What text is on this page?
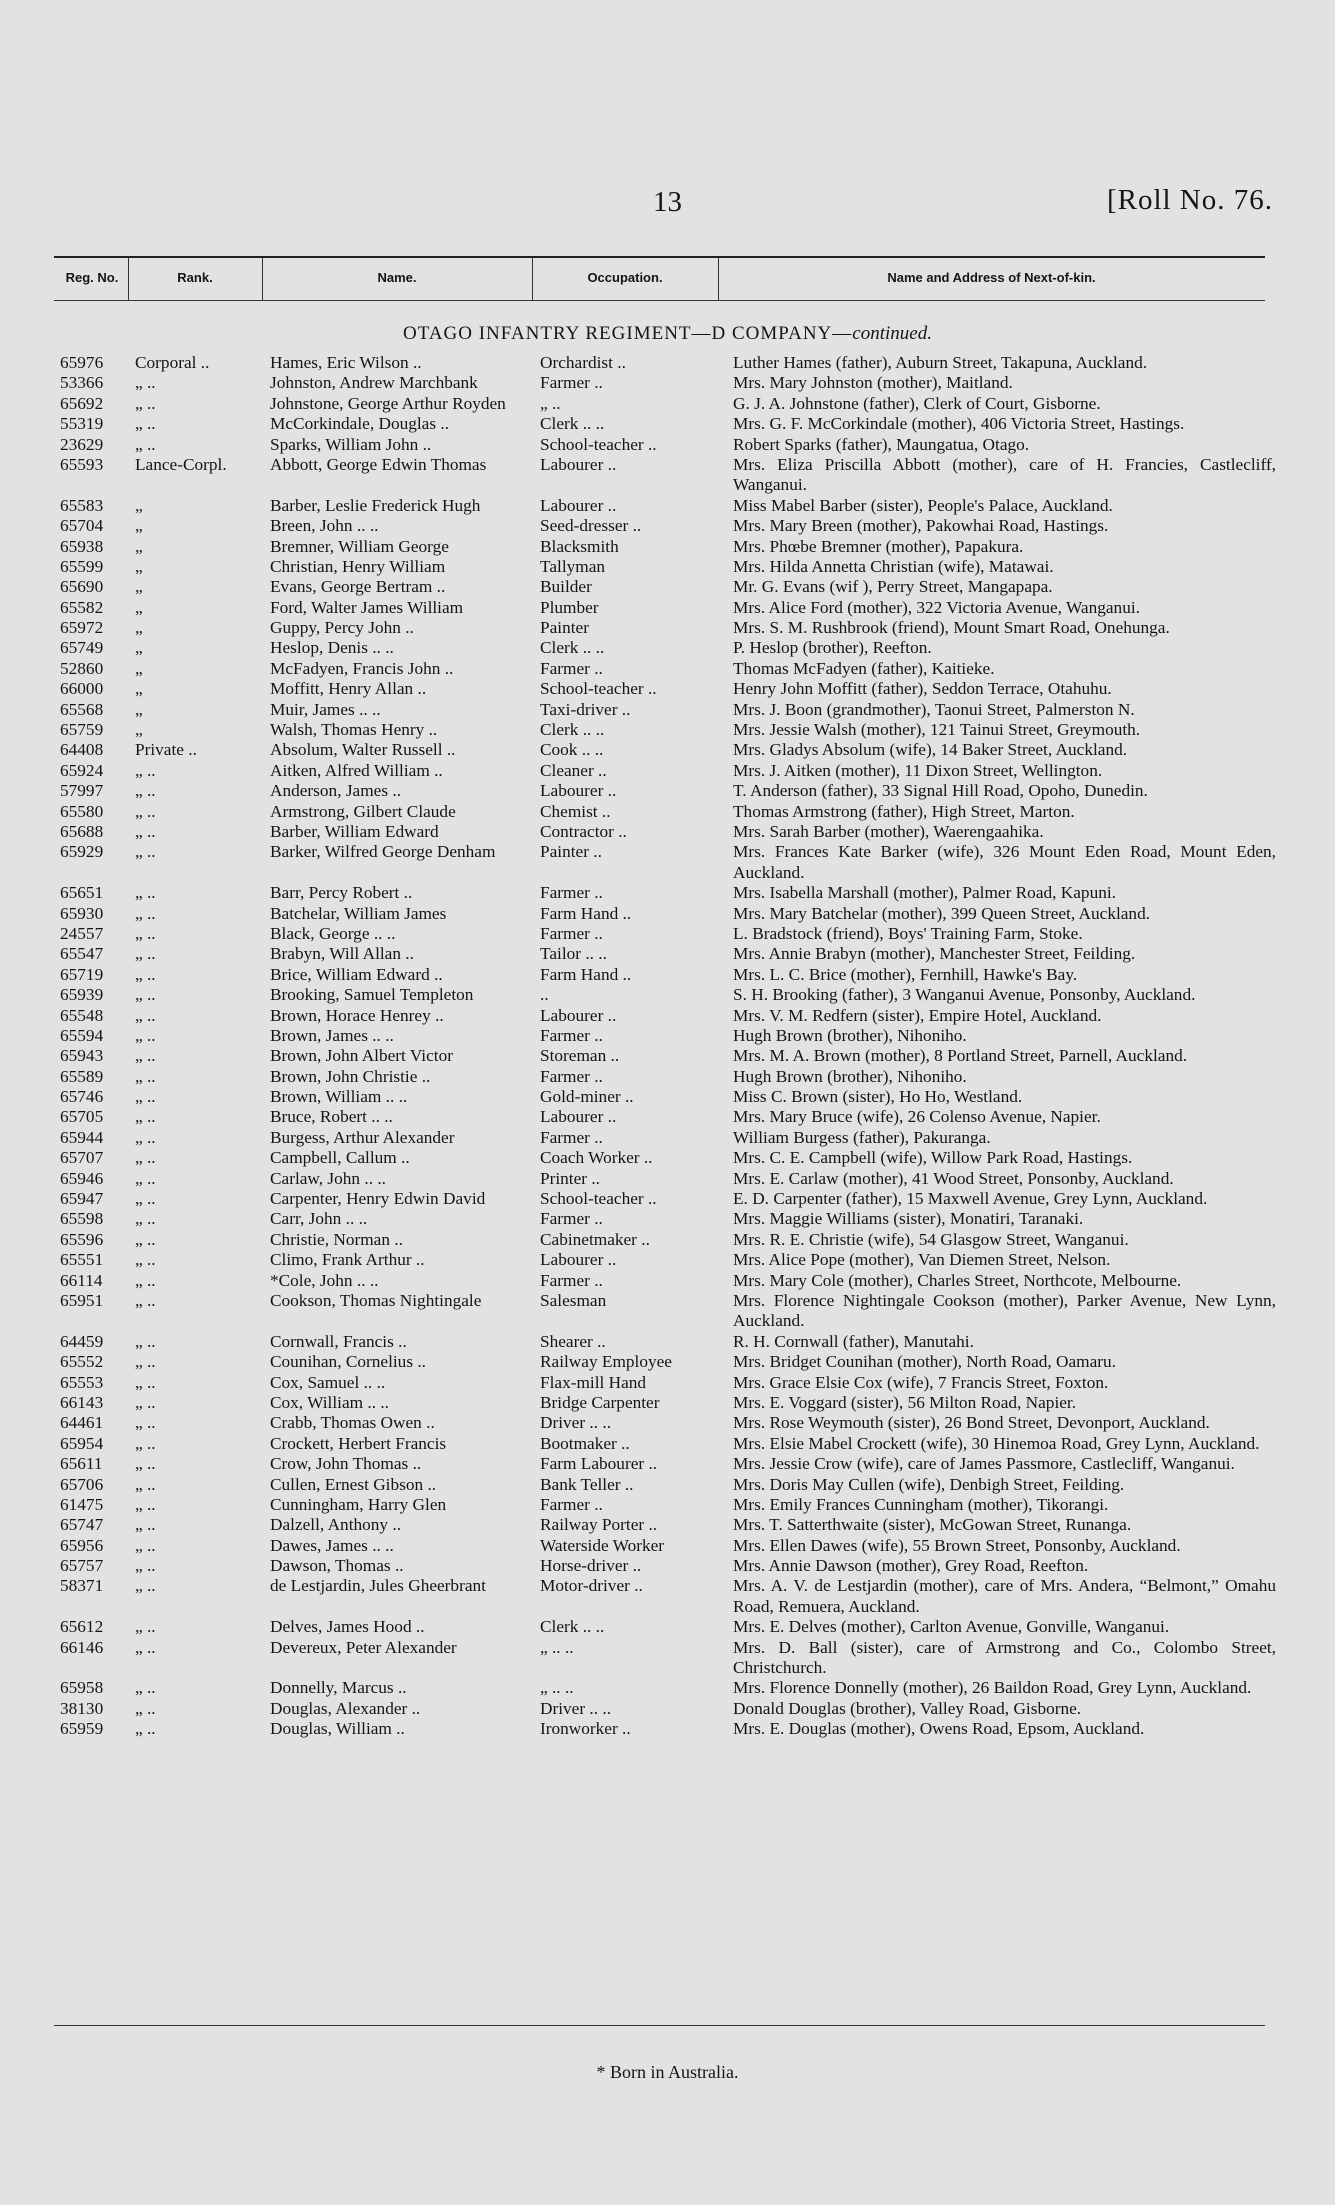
13	[Roll No. 76.
Reg. No.	Rank.	Name.	Occupation.	Name and Address of Next-of-kin.
OTAGO INFANTRY REGIMENT—D COMPANY—continued.
65976	Corporal ..	Hames, Eric Wilson ..	Orchardist ..	Luther Hames (father), Auburn Street, Takapuna, Auckland.
53366	„ ..	Johnston, Andrew Marchbank	Farmer ..	Mrs. Mary Johnston (mother), Maitland.
65692	„ ..	Johnstone, George Arthur Royden	„ ..	G. J. A. Johnstone (father), Clerk of Court, Gisborne.
55319	„ ..	McCorkindale, Douglas ..	Clerk .. ..	Mrs. G. F. McCorkindale (mother), 406 Victoria Street, Hastings.
23629	„ ..	Sparks, William John ..	School-teacher ..	Robert Sparks (father), Maungatua, Otago.
65593	Lance-Corpl.	Abbott, George Edwin Thomas	Labourer ..	Mrs. Eliza Priscilla Abbott (mother), care of H. Francies, Castlecliff, Wanganui.
65583	„	Barber, Leslie Frederick Hugh	Labourer ..	Miss Mabel Barber (sister), People's Palace, Auckland.
65704	„	Breen, John .. ..	Seed-dresser ..	Mrs. Mary Breen (mother), Pakowhai Road, Hastings.
65938	„	Bremner, William George	Blacksmith	Mrs. Phœbe Bremner (mother), Papakura.
65599	„	Christian, Henry William	Tallyman	Mrs. Hilda Annetta Christian (wife), Matawai.
65690	„	Evans, George Bertram ..	Builder	Mr. G. Evans (wif ), Perry Street, Mangapapa.
65582	„	Ford, Walter James William	Plumber	Mrs. Alice Ford (mother), 322 Victoria Avenue, Wanganui.
65972	„	Guppy, Percy John ..	Painter	Mrs. S. M. Rushbrook (friend), Mount Smart Road, Onehunga.
65749	„	Heslop, Denis .. ..	Clerk .. ..	P. Heslop (brother), Reefton.
52860	„	McFadyen, Francis John ..	Farmer ..	Thomas McFadyen (father), Kaitieke.
66000	„	Moffitt, Henry Allan ..	School-teacher ..	Henry John Moffitt (father), Seddon Terrace, Otahuhu.
65568	„	Muir, James .. ..	Taxi-driver ..	Mrs. J. Boon (grandmother), Taonui Street, Palmerston N.
65759	„	Walsh, Thomas Henry ..	Clerk .. ..	Mrs. Jessie Walsh (mother), 121 Tainui Street, Greymouth.
64408	Private ..	Absolum, Walter Russell ..	Cook .. ..	Mrs. Gladys Absolum (wife), 14 Baker Street, Auckland.
65924	„ ..	Aitken, Alfred William ..	Cleaner ..	Mrs. J. Aitken (mother), 11 Dixon Street, Wellington.
57997	„ ..	Anderson, James ..	Labourer ..	T. Anderson (father), 33 Signal Hill Road, Opoho, Dunedin.
65580	„ ..	Armstrong, Gilbert Claude	Chemist ..	Thomas Armstrong (father), High Street, Marton.
65688	„ ..	Barber, William Edward	Contractor ..	Mrs. Sarah Barber (mother), Waerengaahika.
65929	„ ..	Barker, Wilfred George Denham	Painter ..	Mrs. Frances Kate Barker (wife), 326 Mount Eden Road, Mount Eden, Auckland.
65651	„ ..	Barr, Percy Robert ..	Farmer ..	Mrs. Isabella Marshall (mother), Palmer Road, Kapuni.
65930	„ ..	Batchelar, William James	Farm Hand ..	Mrs. Mary Batchelar (mother), 399 Queen Street, Auckland.
24557	„ ..	Black, George .. ..	Farmer ..	L. Bradstock (friend), Boys' Training Farm, Stoke.
65547	„ ..	Brabyn, Will Allan ..	Tailor .. ..	Mrs. Annie Brabyn (mother), Manchester Street, Feilding.
65719	„ ..	Brice, William Edward ..	Farm Hand ..	Mrs. L. C. Brice (mother), Fernhill, Hawke's Bay.
65939	„ ..	Brooking, Samuel Templeton	..	S. H. Brooking (father), 3 Wanganui Avenue, Ponsonby, Auckland.
65548	„ ..	Brown, Horace Henrey ..	Labourer ..	Mrs. V. M. Redfern (sister), Empire Hotel, Auckland.
65594	„ ..	Brown, James .. ..	Farmer ..	Hugh Brown (brother), Nihoniho.
65943	„ ..	Brown, John Albert Victor	Storeman ..	Mrs. M. A. Brown (mother), 8 Portland Street, Parnell, Auckland.
65589	„ ..	Brown, John Christie ..	Farmer ..	Hugh Brown (brother), Nihoniho.
65746	„ ..	Brown, William .. ..	Gold-miner ..	Miss C. Brown (sister), Ho Ho, Westland.
65705	„ ..	Bruce, Robert .. ..	Labourer ..	Mrs. Mary Bruce (wife), 26 Colenso Avenue, Napier.
65944	„ ..	Burgess, Arthur Alexander	Farmer ..	William Burgess (father), Pakuranga.
65707	„ ..	Campbell, Callum ..	Coach Worker ..	Mrs. C. E. Campbell (wife), Willow Park Road, Hastings.
65946	„ ..	Carlaw, John .. ..	Printer ..	Mrs. E. Carlaw (mother), 41 Wood Street, Ponsonby, Auckland.
65947	„ ..	Carpenter, Henry Edwin David	School-teacher ..	E. D. Carpenter (father), 15 Maxwell Avenue, Grey Lynn, Auckland.
65598	„ ..	Carr, John .. ..	Farmer ..	Mrs. Maggie Williams (sister), Monatiri, Taranaki.
65596	„ ..	Christie, Norman ..	Cabinetmaker ..	Mrs. R. E. Christie (wife), 54 Glasgow Street, Wanganui.
65551	„ ..	Climo, Frank Arthur ..	Labourer ..	Mrs. Alice Pope (mother), Van Diemen Street, Nelson.
66114	„ ..	*Cole, John .. ..	Farmer ..	Mrs. Mary Cole (mother), Charles Street, Northcote, Melbourne.
65951	„ ..	Cookson, Thomas Nightingale	Salesman	Mrs. Florence Nightingale Cookson (mother), Parker Avenue, New Lynn, Auckland.
64459	„ ..	Cornwall, Francis ..	Shearer ..	R. H. Cornwall (father), Manutahi.
65552	„ ..	Counihan, Cornelius ..	Railway Employee	Mrs. Bridget Counihan (mother), North Road, Oamaru.
65553	„ ..	Cox, Samuel .. ..	Flax-mill Hand	Mrs. Grace Elsie Cox (wife), 7 Francis Street, Foxton.
66143	„ ..	Cox, William .. ..	Bridge Carpenter	Mrs. E. Voggard (sister), 56 Milton Road, Napier.
64461	„ ..	Crabb, Thomas Owen ..	Driver .. ..	Mrs. Rose Weymouth (sister), 26 Bond Street, Devonport, Auckland.
65954	„ ..	Crockett, Herbert Francis	Bootmaker ..	Mrs. Elsie Mabel Crockett (wife), 30 Hinemoa Road, Grey Lynn, Auckland.
65611	„ ..	Crow, John Thomas ..	Farm Labourer ..	Mrs. Jessie Crow (wife), care of James Passmore, Castlecliff, Wanganui.
65706	„ ..	Cullen, Ernest Gibson ..	Bank Teller ..	Mrs. Doris May Cullen (wife), Denbigh Street, Feilding.
61475	„ ..	Cunningham, Harry Glen	Farmer ..	Mrs. Emily Frances Cunningham (mother), Tikorangi.
65747	„ ..	Dalzell, Anthony ..	Railway Porter ..	Mrs. T. Satterthwaite (sister), McGowan Street, Runanga.
65956	„ ..	Dawes, James .. ..	Waterside Worker	Mrs. Ellen Dawes (wife), 55 Brown Street, Ponsonby, Auckland.
65757	„ ..	Dawson, Thomas ..	Horse-driver ..	Mrs. Annie Dawson (mother), Grey Road, Reefton.
58371	„ ..	de Lestjardin, Jules Gheerbrant	Motor-driver ..	Mrs. A. V. de Lestjardin (mother), care of Mrs. Andera, “Belmont,” Omahu Road, Remuera, Auckland.
65612	„ ..	Delves, James Hood ..	Clerk .. ..	Mrs. E. Delves (mother), Carlton Avenue, Gonville, Wanganui.
66146	„ ..	Devereux, Peter Alexander	„ .. ..	Mrs. D. Ball (sister), care of Armstrong and Co., Colombo Street, Christchurch.
65958	„ ..	Donnelly, Marcus ..	„ .. ..	Mrs. Florence Donnelly (mother), 26 Baildon Road, Grey Lynn, Auckland.
38130	„ ..	Douglas, Alexander ..	Driver .. ..	Donald Douglas (brother), Valley Road, Gisborne.
65959	„ ..	Douglas, William ..	Ironworker ..	Mrs. E. Douglas (mother), Owens Road, Epsom, Auckland.
* Born in Australia.
